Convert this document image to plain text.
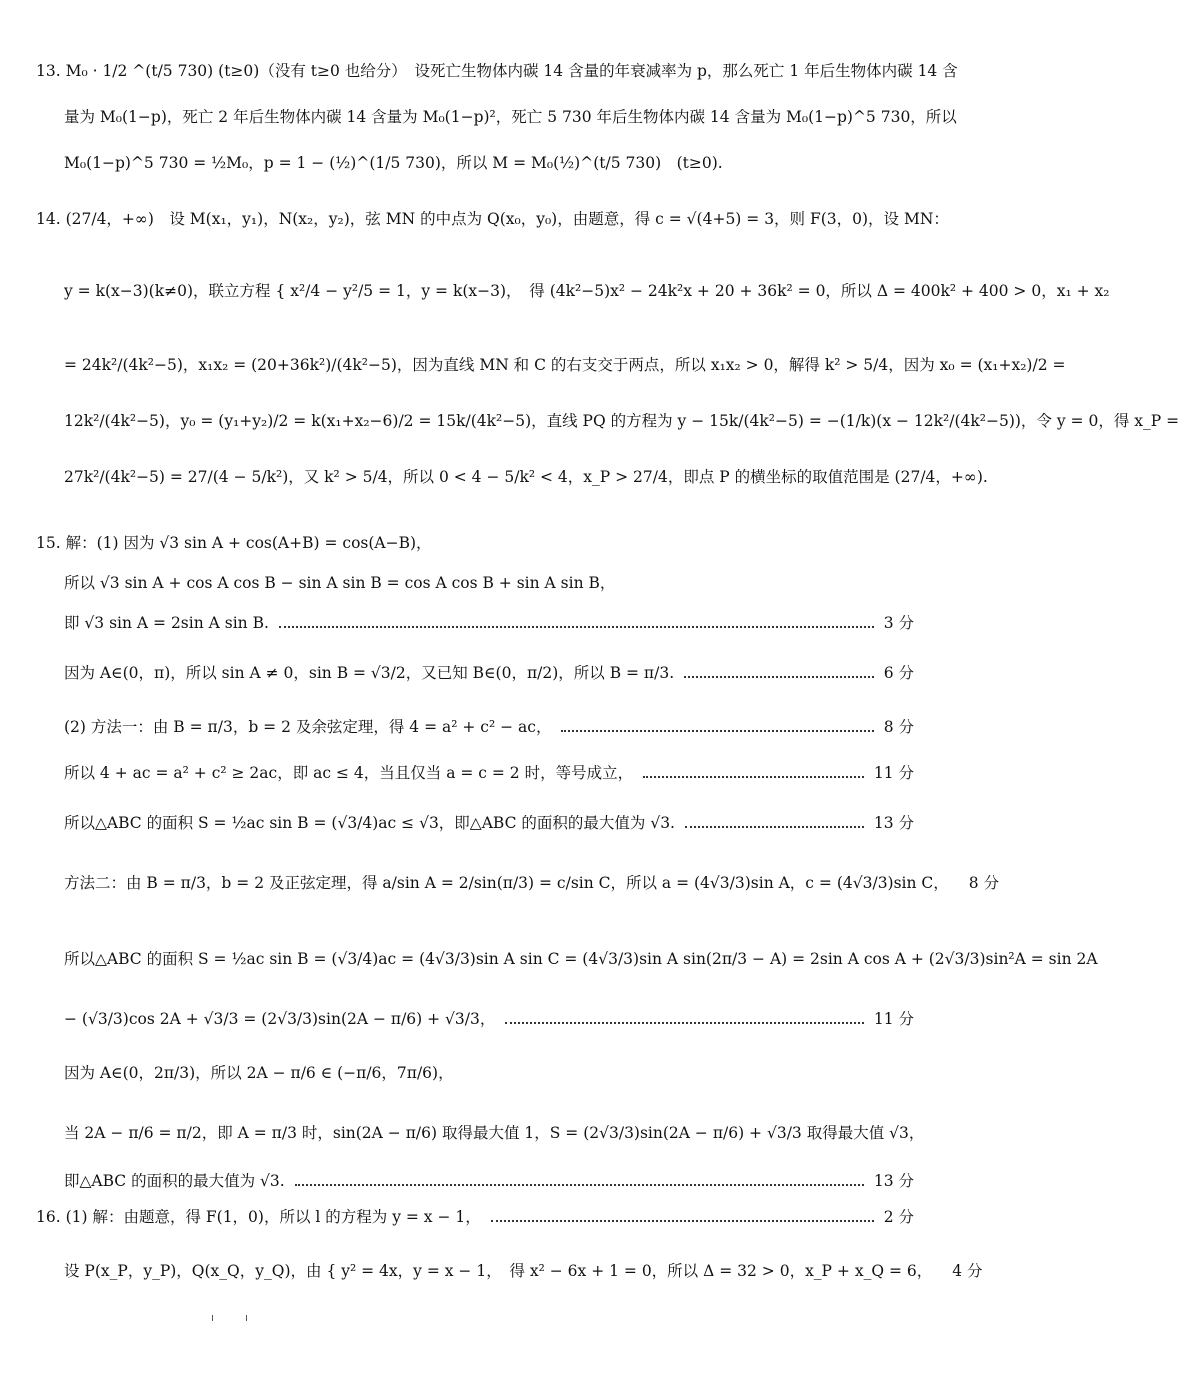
13. M₀ · 1/2 ^(t/5 730) (t≥0)（没有 t≥0 也给分）　设死亡生物体内碳 14 含量的年衰减率为 p，那么死亡 1 年后生物体内碳 14 含
量为 M₀(1−p)，死亡 2 年后生物体内碳 14 含量为 M₀(1−p)²，死亡 5 730 年后生物体内碳 14 含量为 M₀(1−p)^5 730，所以
M₀(1−p)^5 730 = ½M₀，p = 1 − (½)^(1/5 730)，所以 M = M₀(½)^(t/5 730)　(t≥0).
14. (27/4，+∞)　设 M(x₁，y₁)，N(x₂，y₂)，弦 MN 的中点为 Q(x₀，y₀)，由题意，得 c = √(4+5) = 3，则 F(3，0)，设 MN：
y = k(x−3)(k≠0)，联立方程 { x²/4 − y²/5 = 1，y = k(x−3)，　得 (4k²−5)x² − 24k²x + 20 + 36k² = 0，所以 Δ = 400k² + 400 > 0，x₁ + x₂
= 24k²/(4k²−5)，x₁x₂ = (20+36k²)/(4k²−5)，因为直线 MN 和 C 的右支交于两点，所以 x₁x₂ > 0，解得 k² > 5/4，因为 x₀ = (x₁+x₂)/2 =
12k²/(4k²−5)，y₀ = (y₁+y₂)/2 = k(x₁+x₂−6)/2 = 15k/(4k²−5)，直线 PQ 的方程为 y − 15k/(4k²−5) = −(1/k)(x − 12k²/(4k²−5))，令 y = 0，得 x_P =
27k²/(4k²−5) = 27/(4 − 5/k²)，又 k² > 5/4，所以 0 < 4 − 5/k² < 4，x_P > 27/4，即点 P 的横坐标的取值范围是 (27/4，+∞).
15. 解：(1) 因为 √3 sin A + cos(A+B) = cos(A−B)，
所以 √3 sin A + cos A cos B − sin A sin B = cos A cos B + sin A sin B，
即 √3 sin A = 2sin A sin B.	3 分
因为 A∈(0，π)，所以 sin A ≠ 0，sin B = √3/2，又已知 B∈(0，π/2)，所以 B = π/3.	6 分
(2) 方法一：由 B = π/3，b = 2 及余弦定理，得 4 = a² + c² − ac，	8 分
所以 4 + ac = a² + c² ≥ 2ac，即 ac ≤ 4，当且仅当 a = c = 2 时，等号成立，	11 分
所以△ABC 的面积 S = ½ac sin B = (√3/4)ac ≤ √3，即△ABC 的面积的最大值为 √3.	13 分
方法二：由 B = π/3，b = 2 及正弦定理，得 a/sin A = 2/sin(π/3) = c/sin C，所以 a = (4√3/3)sin A，c = (4√3/3)sin C， 8 分
所以△ABC 的面积 S = ½ac sin B = (√3/4)ac = (4√3/3)sin A sin C = (4√3/3)sin A sin(2π/3 − A) = 2sin A cos A + (2√3/3)sin²A = sin 2A
− (√3/3)cos 2A + √3/3 = (2√3/3)sin(2A − π/6) + √3/3，	11 分
因为 A∈(0，2π/3)，所以 2A − π/6 ∈ (−π/6，7π/6)，
当 2A − π/6 = π/2，即 A = π/3 时，sin(2A − π/6) 取得最大值 1，S = (2√3/3)sin(2A − π/6) + √3/3 取得最大值 √3，
即△ABC 的面积的最大值为 √3.	13 分
16. (1) 解：由题意，得 F(1，0)，所以 l 的方程为 y = x − 1，	2 分
设 P(x_P，y_P)，Q(x_Q，y_Q)，由 { y² = 4x，y = x − 1，　得 x² − 6x + 1 = 0，所以 Δ = 32 > 0，x_P + x_Q = 6， 4 分
